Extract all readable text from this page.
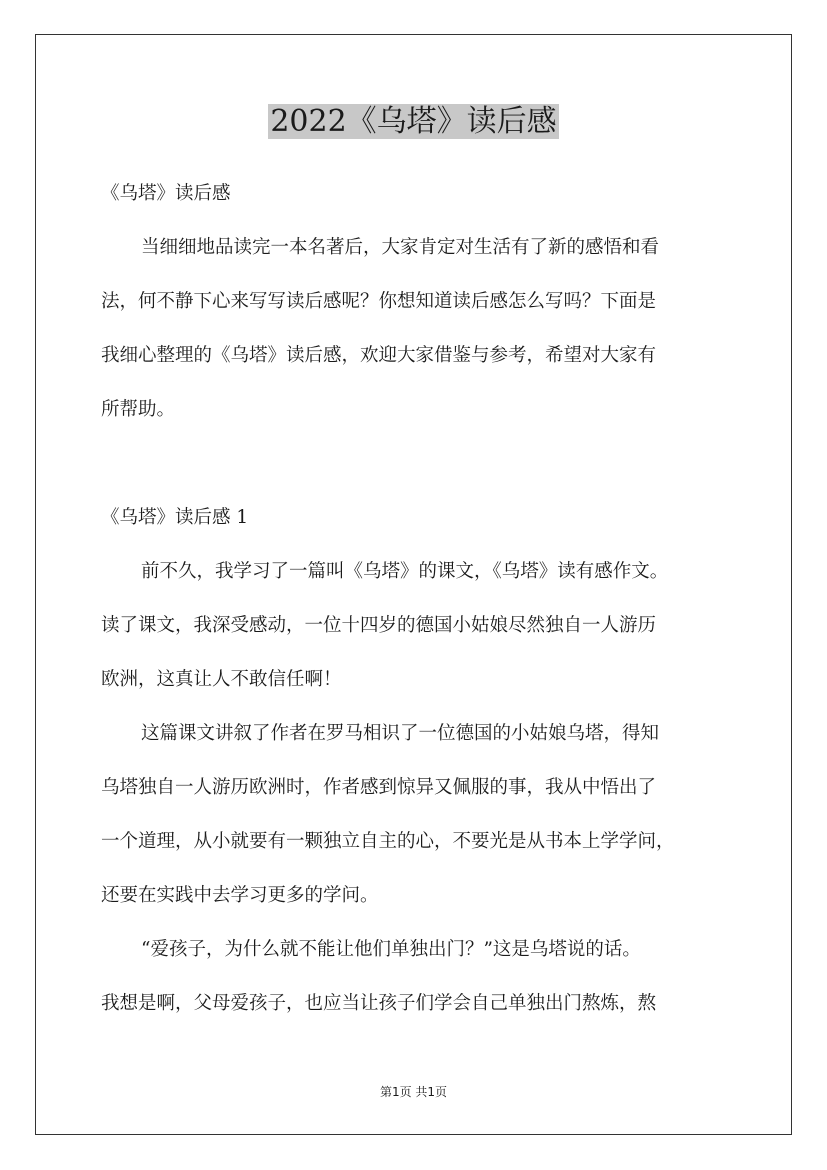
2022《乌塔》读后感
《乌塔》读后感
当细细地品读完一本名著后，大家肯定对生活有了新的感悟和看
法，何不静下心来写写读后感呢？你想知道读后感怎么写吗？下面是
我细心整理的《乌塔》读后感，欢迎大家借鉴与参考，希望对大家有
所帮助。
《乌塔》读后感 1
前不久，我学习了一篇叫《乌塔》的课文，《乌塔》读有感作文。
读了课文，我深受感动，一位十四岁的德国小姑娘尽然独自一人游历
欧洲，这真让人不敢信任啊！
这篇课文讲叙了作者在罗马相识了一位德国的小姑娘乌塔，得知
乌塔独自一人游历欧洲时，作者感到惊异又佩服的事，我从中悟出了
一个道理，从小就要有一颗独立自主的心，不要光是从书本上学学问，
还要在实践中去学习更多的学问。
“爱孩子，为什么就不能让他们单独出门？”这是乌塔说的话。
我想是啊，父母爱孩子，也应当让孩子们学会自己单独出门熬炼，熬
第1页 共1页
